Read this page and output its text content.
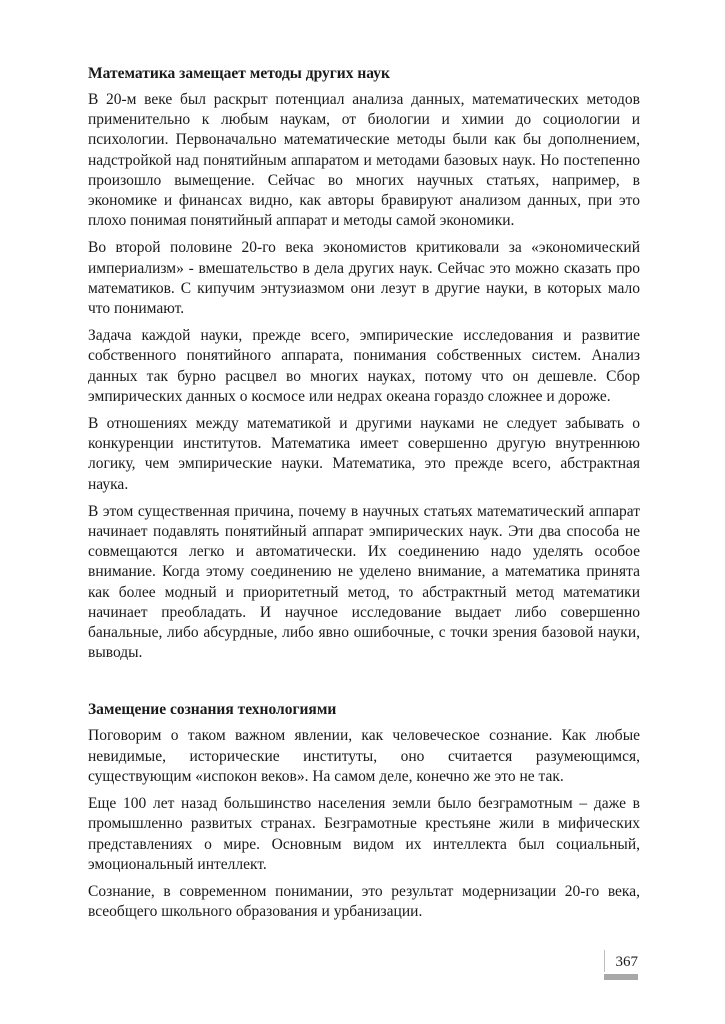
Математика замещает методы других наук

В 20-м веке был раскрыт потенциал анализа данных, математических методов применительно к любым наукам, от биологии и химии до социологии и психологии. Первоначально математические методы были как бы дополнением, надстройкой над понятийным аппаратом и методами базовых наук. Но постепенно произошло вымещение. Сейчас во многих научных статьях, например, в экономике и финансах видно, как авторы бравируют анализом данных, при это плохо понимая понятийный аппарат и методы самой экономики.

Во второй половине 20-го века экономистов критиковали за «экономический империализм» - вмешательство в дела других наук. Сейчас это можно сказать про математиков. С кипучим энтузиазмом они лезут в другие науки, в которых мало что понимают.

Задача каждой науки, прежде всего, эмпирические исследования и развитие собственного понятийного аппарата, понимания собственных систем. Анализ данных так бурно расцвел во многих науках, потому что он дешевле. Сбор эмпирических данных о космосе или недрах океана гораздо сложнее и дороже.

В отношениях между математикой и другими науками не следует забывать о конкуренции институтов. Математика имеет совершенно другую внутреннюю логику, чем эмпирические науки. Математика, это прежде всего, абстрактная наука.

В этом существенная причина, почему в научных статьях математический аппарат начинает подавлять понятийный аппарат эмпирических наук. Эти два способа не совмещаются легко и автоматически. Их соединению надо уделять особое внимание. Когда этому соединению не уделено внимание, а математика принята как более модный и приоритетный метод, то абстрактный метод математики начинает преобладать. И научное исследование выдает либо совершенно банальные, либо абсурдные, либо явно ошибочные, с точки зрения базовой науки, выводы.

Замещение сознания технологиями

Поговорим о таком важном явлении, как человеческое сознание. Как любые невидимые, исторические институты, оно считается разумеющимся, существующим «испокон веков». На самом деле, конечно же это не так.

Еще 100 лет назад большинство населения земли было безграмотным – даже в промышленно развитых странах. Безграмотные крестьяне жили в мифических представлениях о мире. Основным видом их интеллекта был социальный, эмоциональный интеллект.

Сознание, в современном понимании, это результат модернизации 20-го века, всеобщего школьного образования и урбанизации.

367
